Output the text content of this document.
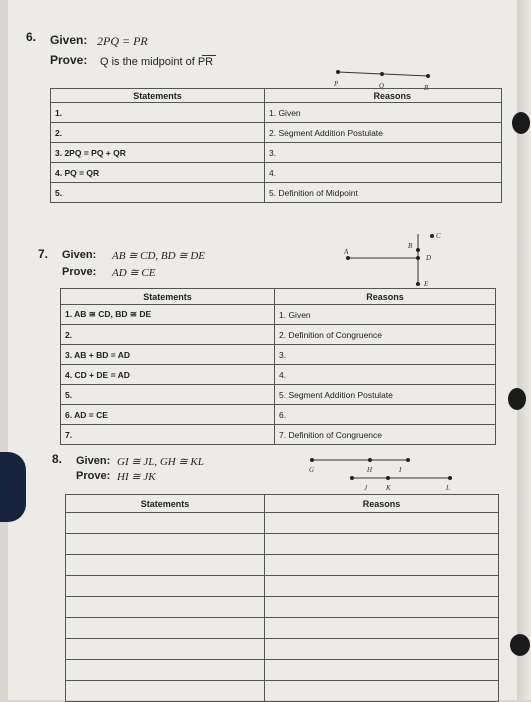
6. Given: 2PQ = PR
Prove: Q is the midpoint of PR
P	Q	R
Statements	Reasons
1.	1. Given
2.	2. Segment Addition Postulate
3. 2PQ = PQ + QR	3.
4. PQ = QR	4.
5.	5. Definition of Midpoint
7. Given: AB ≅ CD, BD ≅ DE
Prove: AD ≅ CE
A
B
C
D
E
Statements	Reasons
1. AB ≅ CD, BD ≅ DE	1. Given
2.	2. Definition of Congruence
3. AB + BD = AD	3.
4. CD + DE = AD	4.
5.	5. Segment Addition Postulate
6. AD = CE	6.
7.	7. Definition of Congruence
8. Given: GI ≅ JL, GH ≅ KL
Prove: HI ≅ JK
G	H	I
J	K	L
Statements	Reasons
